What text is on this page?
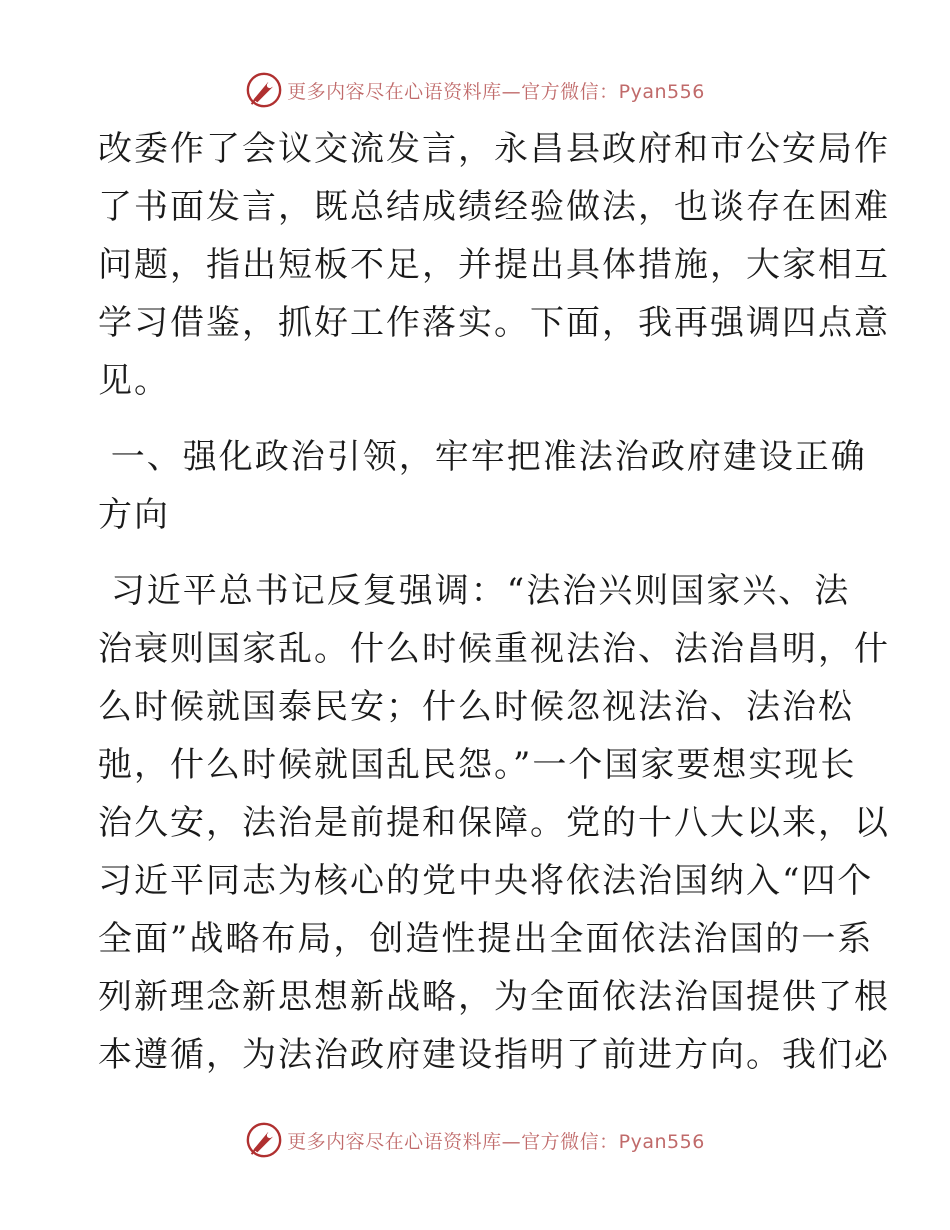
更多内容尽在心语资料库—官方微信：Pyan556

改委作了会议交流发言，永昌县政府和市公安局作
了书面发言，既总结成绩经验做法，也谈存在困难
问题，指出短板不足，并提出具体措施，大家相互
学习借鉴，抓好工作落实。下面，我再强调四点意
见。

一、强化政治引领，牢牢把准法治政府建设正确
方向

习近平总书记反复强调：“法治兴则国家兴、法
治衰则国家乱。什么时候重视法治、法治昌明，什
么时候就国泰民安；什么时候忽视法治、法治松
弛，什么时候就国乱民怨。”一个国家要想实现长
治久安，法治是前提和保障。党的十八大以来，以
习近平同志为核心的党中央将依法治国纳入“四个
全面”战略布局，创造性提出全面依法治国的一系
列新理念新思想新战略，为全面依法治国提供了根
本遵循，为法治政府建设指明了前进方向。我们必

更多内容尽在心语资料库—官方微信：Pyan556
